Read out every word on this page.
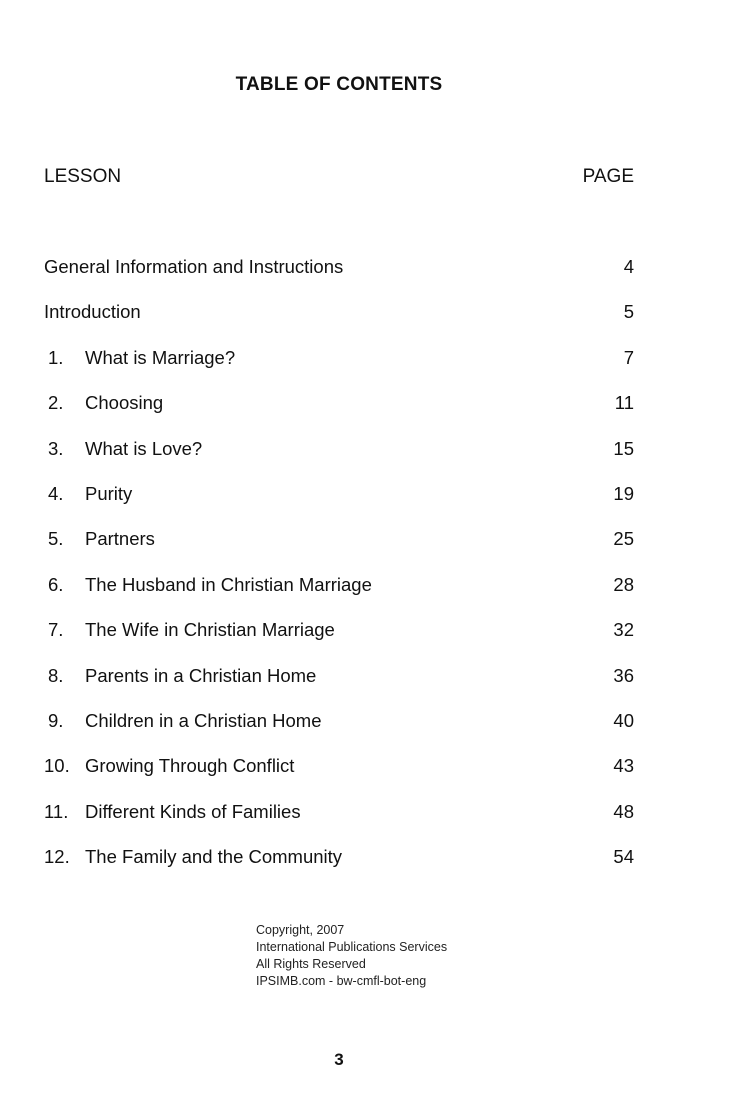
TABLE OF CONTENTS
LESSON	PAGE
General Information and Instructions	4
Introduction	5
1.	What is Marriage?	7
2.	Choosing	11
3.	What is Love?	15
4.	Purity	19
5.	Partners	25
6.	The Husband in Christian Marriage	28
7.	The Wife in Christian Marriage	32
8.	Parents in a Christian Home	36
9.	Children in a Christian Home	40
10. Growing Through Conflict	43
11. Different Kinds of Families	48
12. The Family and the Community	54
Copyright, 2007
International Publications Services
All Rights Reserved
IPSIMB.com - bw-cmfl-bot-eng
3
